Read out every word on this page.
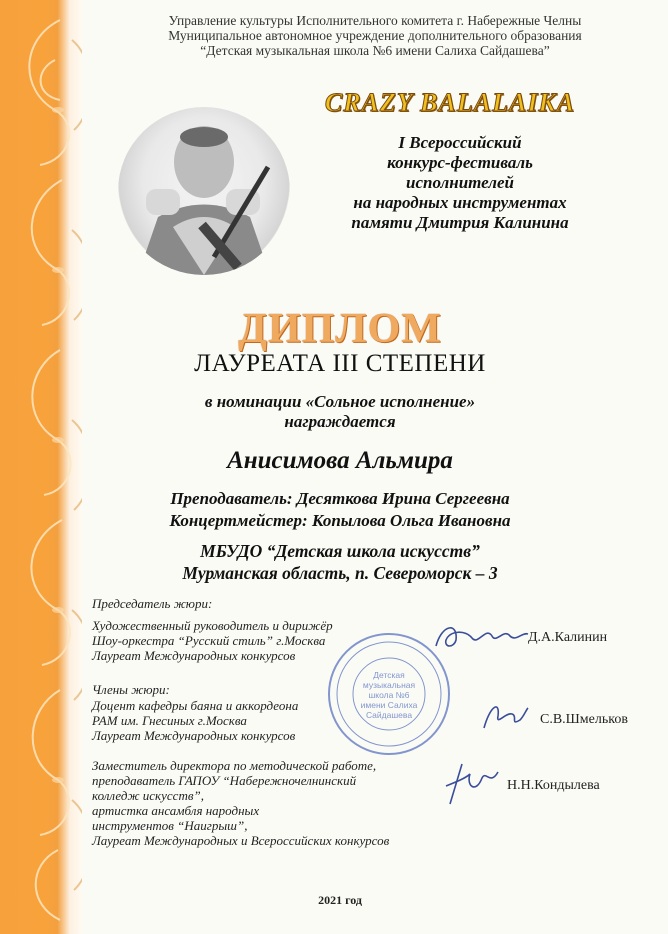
Управление культуры Исполнительного комитета г. Набережные Челны
Муниципальное автономное учреждение дополнительного образования
“Детская музыкальная школа №6 имени Салиха Сайдашева”
CRAZY BALALAIKA
I Всероссийский
конкурс-фестиваль
исполнителей
на народных инструментах
памяти Дмитрия Калинина
ДИПЛОМ
ЛАУРЕАТА III СТЕПЕНИ
в номинации «Сольное исполнение»
награждается
Анисимова Альмира
Преподаватель: Десяткова Ирина Сергеевна
Концертмейстер: Копылова Ольга Ивановна
МБУДО “Детская школа искусств”
Мурманская область, п. Североморск – 3
Председатель жюри:
Художественный руководитель и дирижёр
Шоу-оркестра “Русский стиль” г.Москва
Лауреат Международных конкурсов
Члены жюри:
Доцент кафедры баяна и аккордеона
РАМ им. Гнесиных г.Москва
Лауреат Международных конкурсов
Заместитель директора по методической работе,
преподаватель ГАПОУ “Набережночелнинский
колледж искусств”,
артистка ансамбля народных
инструментов “Наигрыш”,
Лауреат Международных и Всероссийских конкурсов
Детская
музыкальная
школа №6
имени Салиха
Сайдашева
Д.А.Калинин
С.В.Шмельков
Н.Н.Кондылева
2021 год
